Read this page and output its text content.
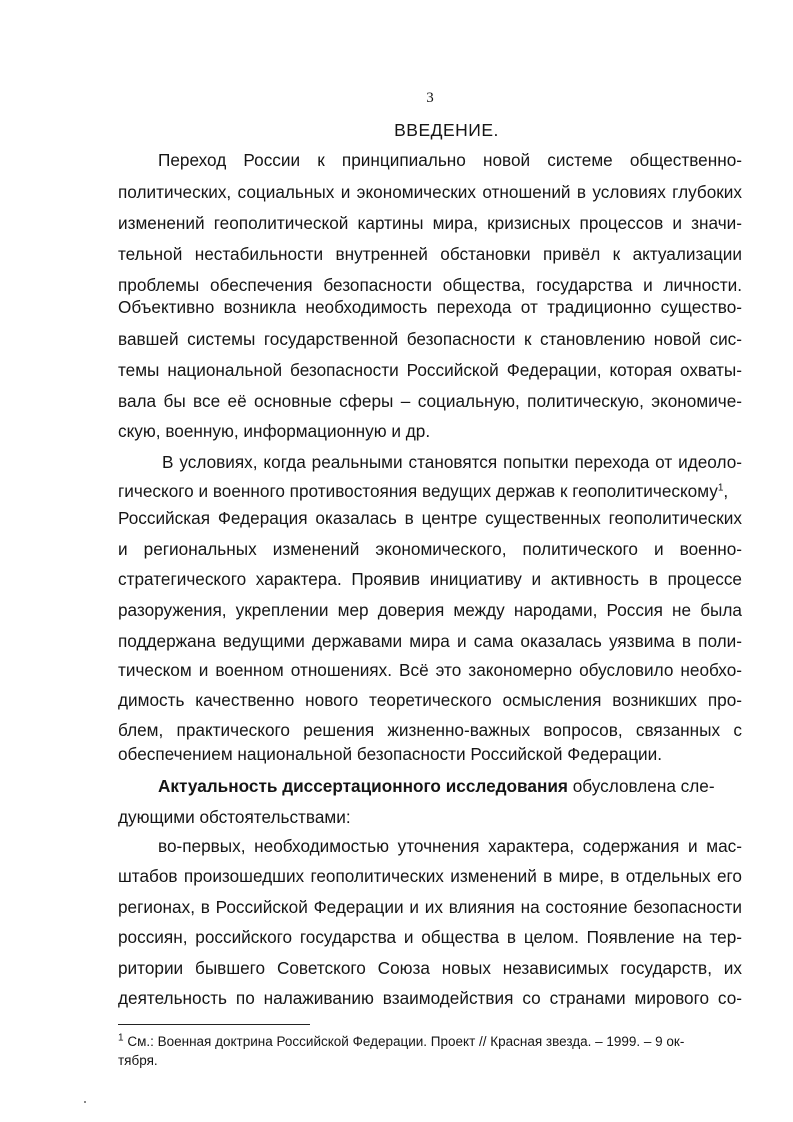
3
ВВЕДЕНИЕ.
Переход России к принципиально новой системе общественно-
политических, социальных и экономических отношений в условиях глубоких
изменений геополитической картины мира, кризисных процессов и значи-
тельной нестабильности внутренней обстановки привёл к актуализации
проблемы обеспечения безопасности общества, государства и личности.
Объективно возникла необходимость перехода от традиционно существо-
вавшей системы государственной безопасности к становлению новой сис-
темы национальной безопасности Российской Федерации, которая охваты-
вала бы все её основные сферы – социальную, политическую, экономиче-
скую, военную, информационную и др.
В условиях, когда реальными становятся попытки перехода от идеоло-
гического и военного противостояния ведущих держав к геополитическому$^1$,
Российская Федерация оказалась в центре существенных геополитических
и региональных изменений экономического, политического и военно-
стратегического характера. Проявив инициативу и активность в процессе
разоружения, укреплении мер доверия между народами, Россия не была
поддержана ведущими державами мира и сама оказалась уязвима в поли-
тическом и военном отношениях. Всё это закономерно обусловило необхо-
димость качественно нового теоретического осмысления возникших про-
блем, практического решения жизненно-важных вопросов, связанных с
обеспечением национальной безопасности Российской Федерации.
Актуальность диссертационного исследования обусловлена сле-
дующими обстоятельствами:
во-первых, необходимостью уточнения характера, содержания и мас-
штабов произошедших геополитических изменений в мире, в отдельных его
регионах, в Российской Федерации и их влияния на состояние безопасности
россиян, российского государства и общества в целом. Появление на тер-
ритории бывшего Советского Союза новых независимых государств, их
деятельность по налаживанию взаимодействия со странами мирового со-
$^1$ См.: Военная доктрина Российской Федерации. Проект // Красная звезда. – 1999. – 9 ок-
тября.
